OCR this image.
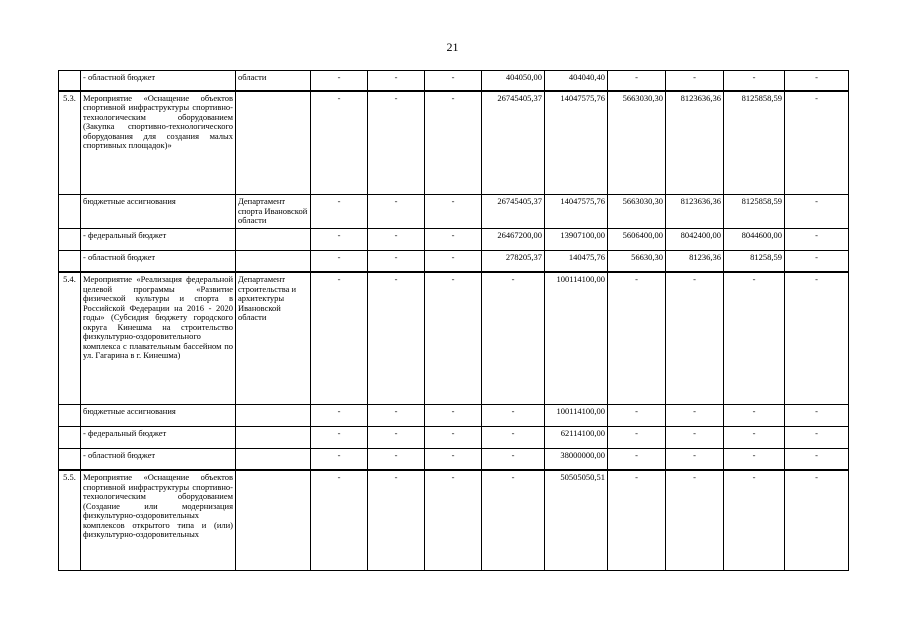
21
	- областной бюджет	области	-	-	-	404050,00	404040,40	-	-	-	-
5.3.	Мероприятие «Оснащение объектов спортивной инфраструктуры спортивно-технологическим оборудованием (Закупка спортивно-технологического оборудования для создания малых спортивных площадок)»		-	-	-	26745405,37	14047575,76	5663030,30	8123636,36	8125858,59	-
	бюджетные ассигнования	Департамент спорта Ивановской области	-	-	-	26745405,37	14047575,76	5663030,30	8123636,36	8125858,59	-
	- федеральный бюджет		-	-	-	26467200,00	13907100,00	5606400,00	8042400,00	8044600,00	-
	- областной бюджет		-	-	-	278205,37	140475,76	56630,30	81236,36	81258,59	-
5.4.	Мероприятие «Реализация федеральной целевой программы «Развитие физической культуры и спорта в Российской Федерации на 2016 - 2020 годы» (Субсидия бюджету городского округа Кинешма на строительство физкультурно-оздоровительного комплекса с плавательным бассейном по ул. Гагарина в г. Кинешма)	Департамент строительства и архитектуры Ивановской области	-	-	-	-	100114100,00	-	-	-	-
	бюджетные ассигнования		-	-	-	-	100114100,00	-	-	-	-
	- федеральный бюджет		-	-	-	-	62114100,00	-	-	-	-
	- областной бюджет		-	-	-	-	38000000,00	-	-	-	-
5.5.	Мероприятие «Оснащение объектов спортивной инфраструктуры спортивно-технологическим оборудованием (Создание или модернизация физкультурно-оздоровительных комплексов открытого типа и (или) физкультурно-оздоровительных		-	-	-	-	50505050,51	-	-	-	-
